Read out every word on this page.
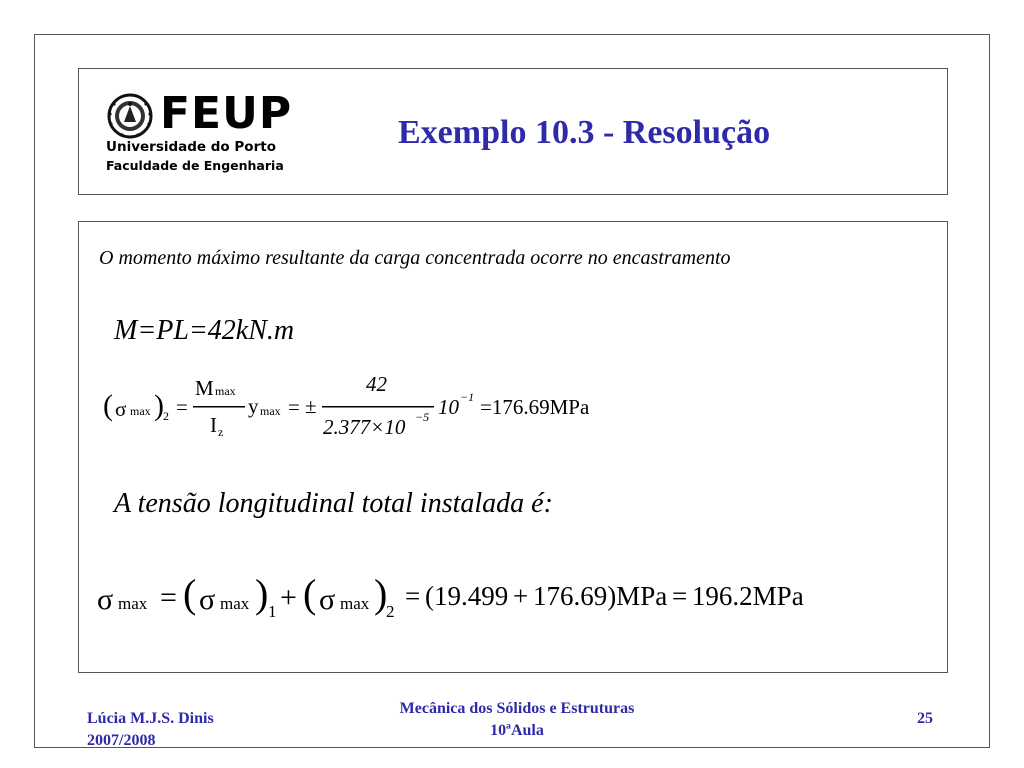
FEUP
Universidade do Porto
Faculdade de Engenharia
Exemplo 10.3 - Resolução
O momento máximo resultante da carga concentrada ocorre no encastramento
M=PL=42kN.m
( σ max ) 2 =
M max
I z
y max = ±
42
2.377×10 −5 10 −1 =176.69MPa
A tensão longitudinal total instalada é:
σ max = ( σ max ) 1 + ( σ max )
2
= (19.499 + 176.69)MPa = 196.2MPa
Lúcia M.J.S. Dinis
2007/2008
Mecânica dos Sólidos e Estruturas
10ªAula
25
